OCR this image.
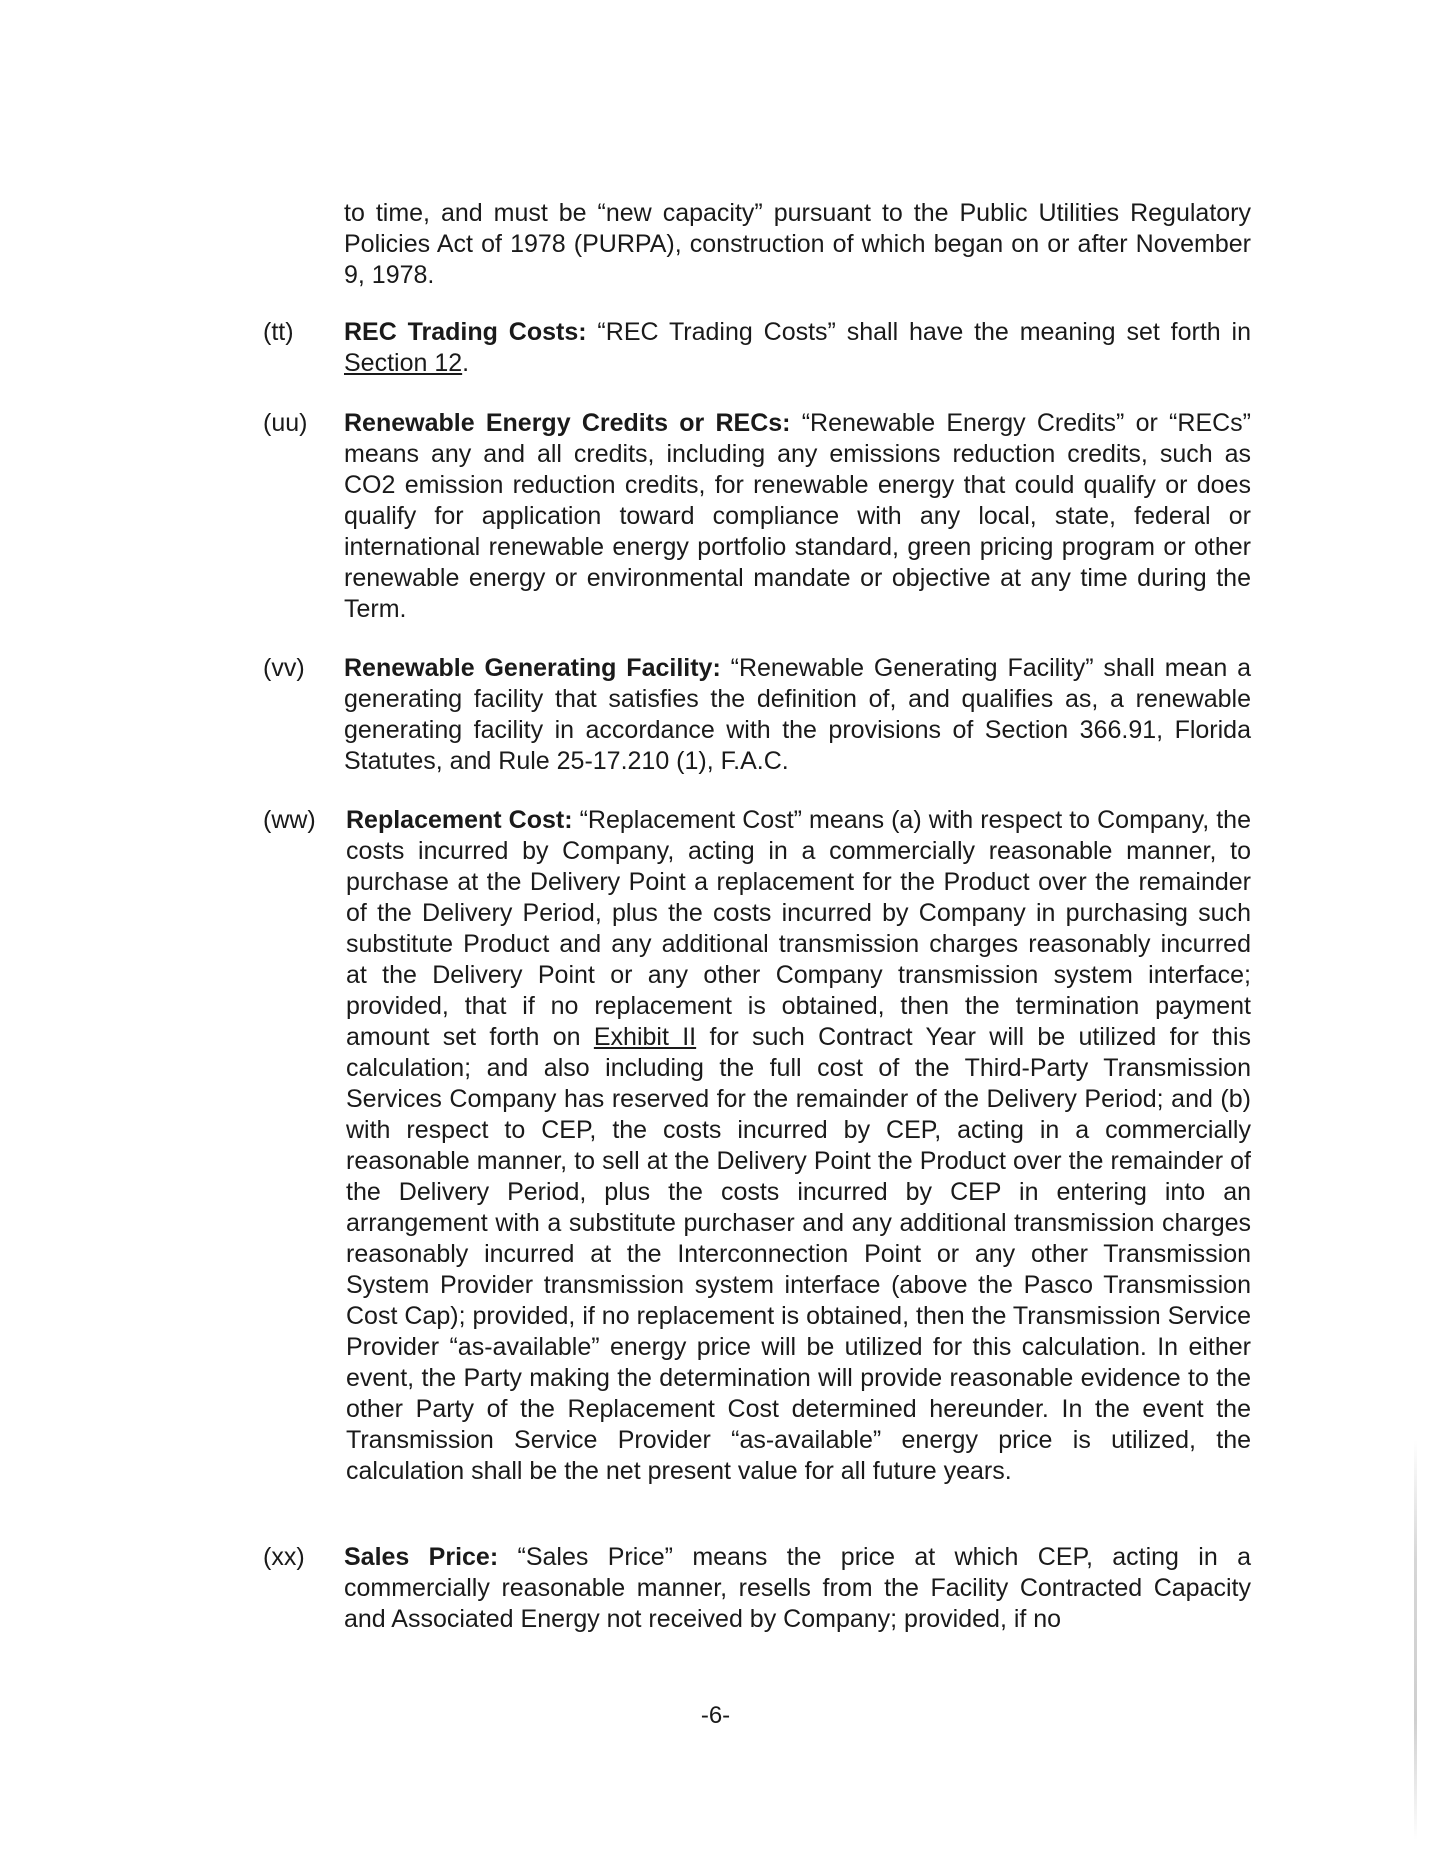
to time, and must be “new capacity” pursuant to the Public Utilities Regulatory Policies Act of 1978 (PURPA), construction of which began on or after November 9, 1978.

(tt) REC Trading Costs: “REC Trading Costs” shall have the meaning set forth in Section 12.

(uu) Renewable Energy Credits or RECs: “Renewable Energy Credits” or “RECs” means any and all credits, including any emissions reduction credits, such as CO2 emission reduction credits, for renewable energy that could qualify or does qualify for application toward compliance with any local, state, federal or international renewable energy portfolio standard, green pricing program or other renewable energy or environmental mandate or objective at any time during the Term.

(vv) Renewable Generating Facility: “Renewable Generating Facility” shall mean a generating facility that satisfies the definition of, and qualifies as, a renewable generating facility in accordance with the provisions of Section 366.91, Florida Statutes, and Rule 25-17.210 (1), F.A.C.

(ww) Replacement Cost: “Replacement Cost” means (a) with respect to Company, the costs incurred by Company, acting in a commercially reasonable manner, to purchase at the Delivery Point a replacement for the Product over the remainder of the Delivery Period, plus the costs incurred by Company in purchasing such substitute Product and any additional transmission charges reasonably incurred at the Delivery Point or any other Company transmission system interface; provided, that if no replacement is obtained, then the termination payment amount set forth on Exhibit II for such Contract Year will be utilized for this calculation; and also including the full cost of the Third-Party Transmission Services Company has reserved for the remainder of the Delivery Period; and (b) with respect to CEP, the costs incurred by CEP, acting in a commercially reasonable manner, to sell at the Delivery Point the Product over the remainder of the Delivery Period, plus the costs incurred by CEP in entering into an arrangement with a substitute purchaser and any additional transmission charges reasonably incurred at the Interconnection Point or any other Transmission System Provider transmission system interface (above the Pasco Transmission Cost Cap); provided, if no replacement is obtained, then the Transmission Service Provider “as-available” energy price will be utilized for this calculation. In either event, the Party making the determination will provide reasonable evidence to the other Party of the Replacement Cost determined hereunder. In the event the Transmission Service Provider “as-available” energy price is utilized, the calculation shall be the net present value for all future years.

(xx) Sales Price: “Sales Price” means the price at which CEP, acting in a commercially reasonable manner, resells from the Facility Contracted Capacity and Associated Energy not received by Company; provided, if no

-6-
